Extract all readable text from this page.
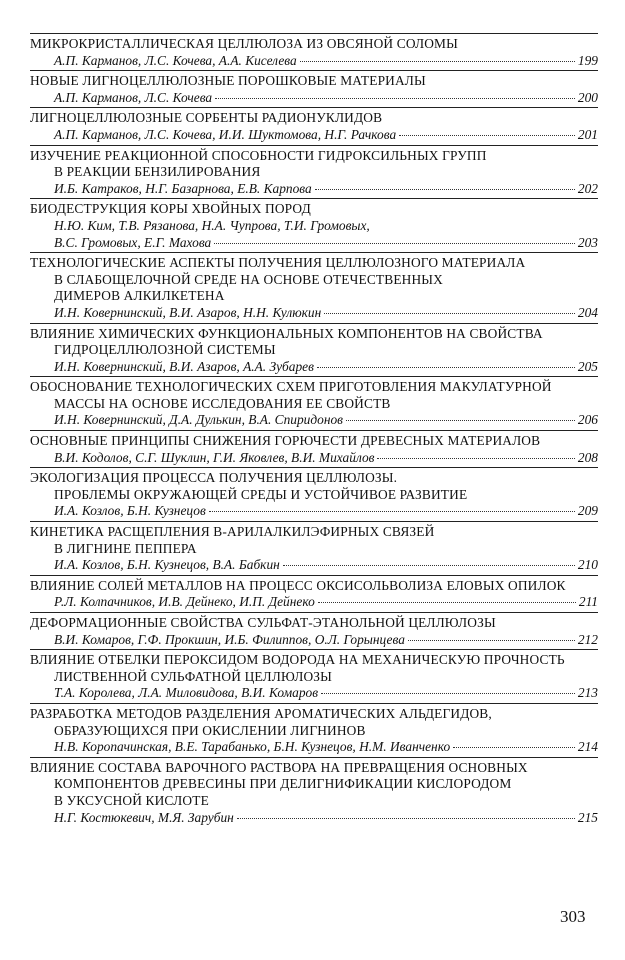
МИКРОКРИСТАЛЛИЧЕСКАЯ ЦЕЛЛЮЛОЗА ИЗ ОВСЯНОЙ СОЛОМЫ
А.П. Карманов, Л.С. Кочева, А.А. Киселева	199
НОВЫЕ ЛИГНОЦЕЛЛЮЛОЗНЫЕ ПОРОШКОВЫЕ МАТЕРИАЛЫ
А.П. Карманов, Л.С. Кочева	200
ЛИГНОЦЕЛЛЮЛОЗНЫЕ СОРБЕНТЫ РАДИОНУКЛИДОВ
А.П. Карманов, Л.С. Кочева, И.И. Шуктомова, Н.Г. Рачкова	201
ИЗУЧЕНИЕ РЕАКЦИОННОЙ СПОСОБНОСТИ ГИДРОКСИЛЬНЫХ ГРУПП
В РЕАКЦИИ БЕНЗИЛИРОВАНИЯ
И.Б. Катраков, Н.Г. Базарнова, Е.В. Карпова	202
БИОДЕСТРУКЦИЯ КОРЫ ХВОЙНЫХ ПОРОД
Н.Ю. Ким, Т.В. Рязанова, Н.А. Чупрова, Т.И. Громовых,
В.С. Громовых, Е.Г. Махова	203
ТЕХНОЛОГИЧЕСКИЕ АСПЕКТЫ ПОЛУЧЕНИЯ ЦЕЛЛЮЛОЗНОГО МАТЕРИАЛА
В СЛАБОЩЕЛОЧНОЙ СРЕДЕ НА ОСНОВЕ ОТЕЧЕСТВЕННЫХ
ДИМЕРОВ АЛКИЛКЕТЕНА
И.Н. Ковернинский, В.И. Азаров, Н.Н. Кулюкин	204
ВЛИЯНИЕ ХИМИЧЕСКИХ ФУНКЦИОНАЛЬНЫХ КОМПОНЕНТОВ НА СВОЙСТВА
ГИДРОЦЕЛЛЮЛОЗНОЙ СИСТЕМЫ
И.Н. Ковернинский, В.И. Азаров, А.А. Зубарев	205
ОБОСНОВАНИЕ ТЕХНОЛОГИЧЕСКИХ СХЕМ ПРИГОТОВЛЕНИЯ МАКУЛАТУРНОЙ
МАССЫ НА ОСНОВЕ ИССЛЕДОВАНИЯ ЕЕ СВОЙСТВ
И.Н. Ковернинский, Д.А. Дулькин, В.А. Спиридонов	206
ОСНОВНЫЕ ПРИНЦИПЫ СНИЖЕНИЯ ГОРЮЧЕСТИ ДРЕВЕСНЫХ МАТЕРИАЛОВ
В.И. Кодолов, С.Г. Шуклин, Г.И. Яковлев, В.И. Михайлов	208
ЭКОЛОГИЗАЦИЯ ПРОЦЕССА ПОЛУЧЕНИЯ ЦЕЛЛЮЛОЗЫ.
ПРОБЛЕМЫ ОКРУЖАЮЩЕЙ СРЕДЫ И УСТОЙЧИВОЕ РАЗВИТИЕ
И.А. Козлов, Б.Н. Кузнецов	209
КИНЕТИКА РАСЩЕПЛЕНИЯ В-АРИЛАЛКИЛЭФИРНЫХ СВЯЗЕЙ
В ЛИГНИНЕ ПЕППЕРА
И.А. Козлов, Б.Н. Кузнецов, В.А. Бабкин	210
ВЛИЯНИЕ СОЛЕЙ МЕТАЛЛОВ НА ПРОЦЕСС ОКСИСОЛЬВОЛИЗА ЕЛОВЫХ ОПИЛОК
Р.Л. Колпачников, И.В. Дейнеко, И.П. Дейнеко	211
ДЕФОРМАЦИОННЫЕ СВОЙСТВА СУЛЬФАТ-ЭТАНОЛЬНОЙ ЦЕЛЛЮЛОЗЫ
В.И. Комаров, Г.Ф. Прокшин, И.Б. Филиппов, О.Л. Горынцева	212
ВЛИЯНИЕ ОТБЕЛКИ ПЕРОКСИДОМ ВОДОРОДА НА МЕХАНИЧЕСКУЮ ПРОЧНОСТЬ
ЛИСТВЕННОЙ СУЛЬФАТНОЙ ЦЕЛЛЮЛОЗЫ
Т.А. Королева, Л.А. Миловидова, В.И. Комаров	213
РАЗРАБОТКА МЕТОДОВ РАЗДЕЛЕНИЯ АРОМАТИЧЕСКИХ АЛЬДЕГИДОВ,
ОБРАЗУЮЩИХСЯ ПРИ ОКИСЛЕНИИ ЛИГНИНОВ
Н.В. Коропачинская, В.Е. Тарабанько, Б.Н. Кузнецов, Н.М. Иванченко	214
ВЛИЯНИЕ СОСТАВА ВАРОЧНОГО РАСТВОРА НА ПРЕВРАЩЕНИЯ ОСНОВНЫХ
КОМПОНЕНТОВ ДРЕВЕСИНЫ ПРИ ДЕЛИГНИФИКАЦИИ КИСЛОРОДОМ
В УКСУСНОЙ КИСЛОТЕ
Н.Г. Костюкевич, М.Я. Зарубин	215
303
